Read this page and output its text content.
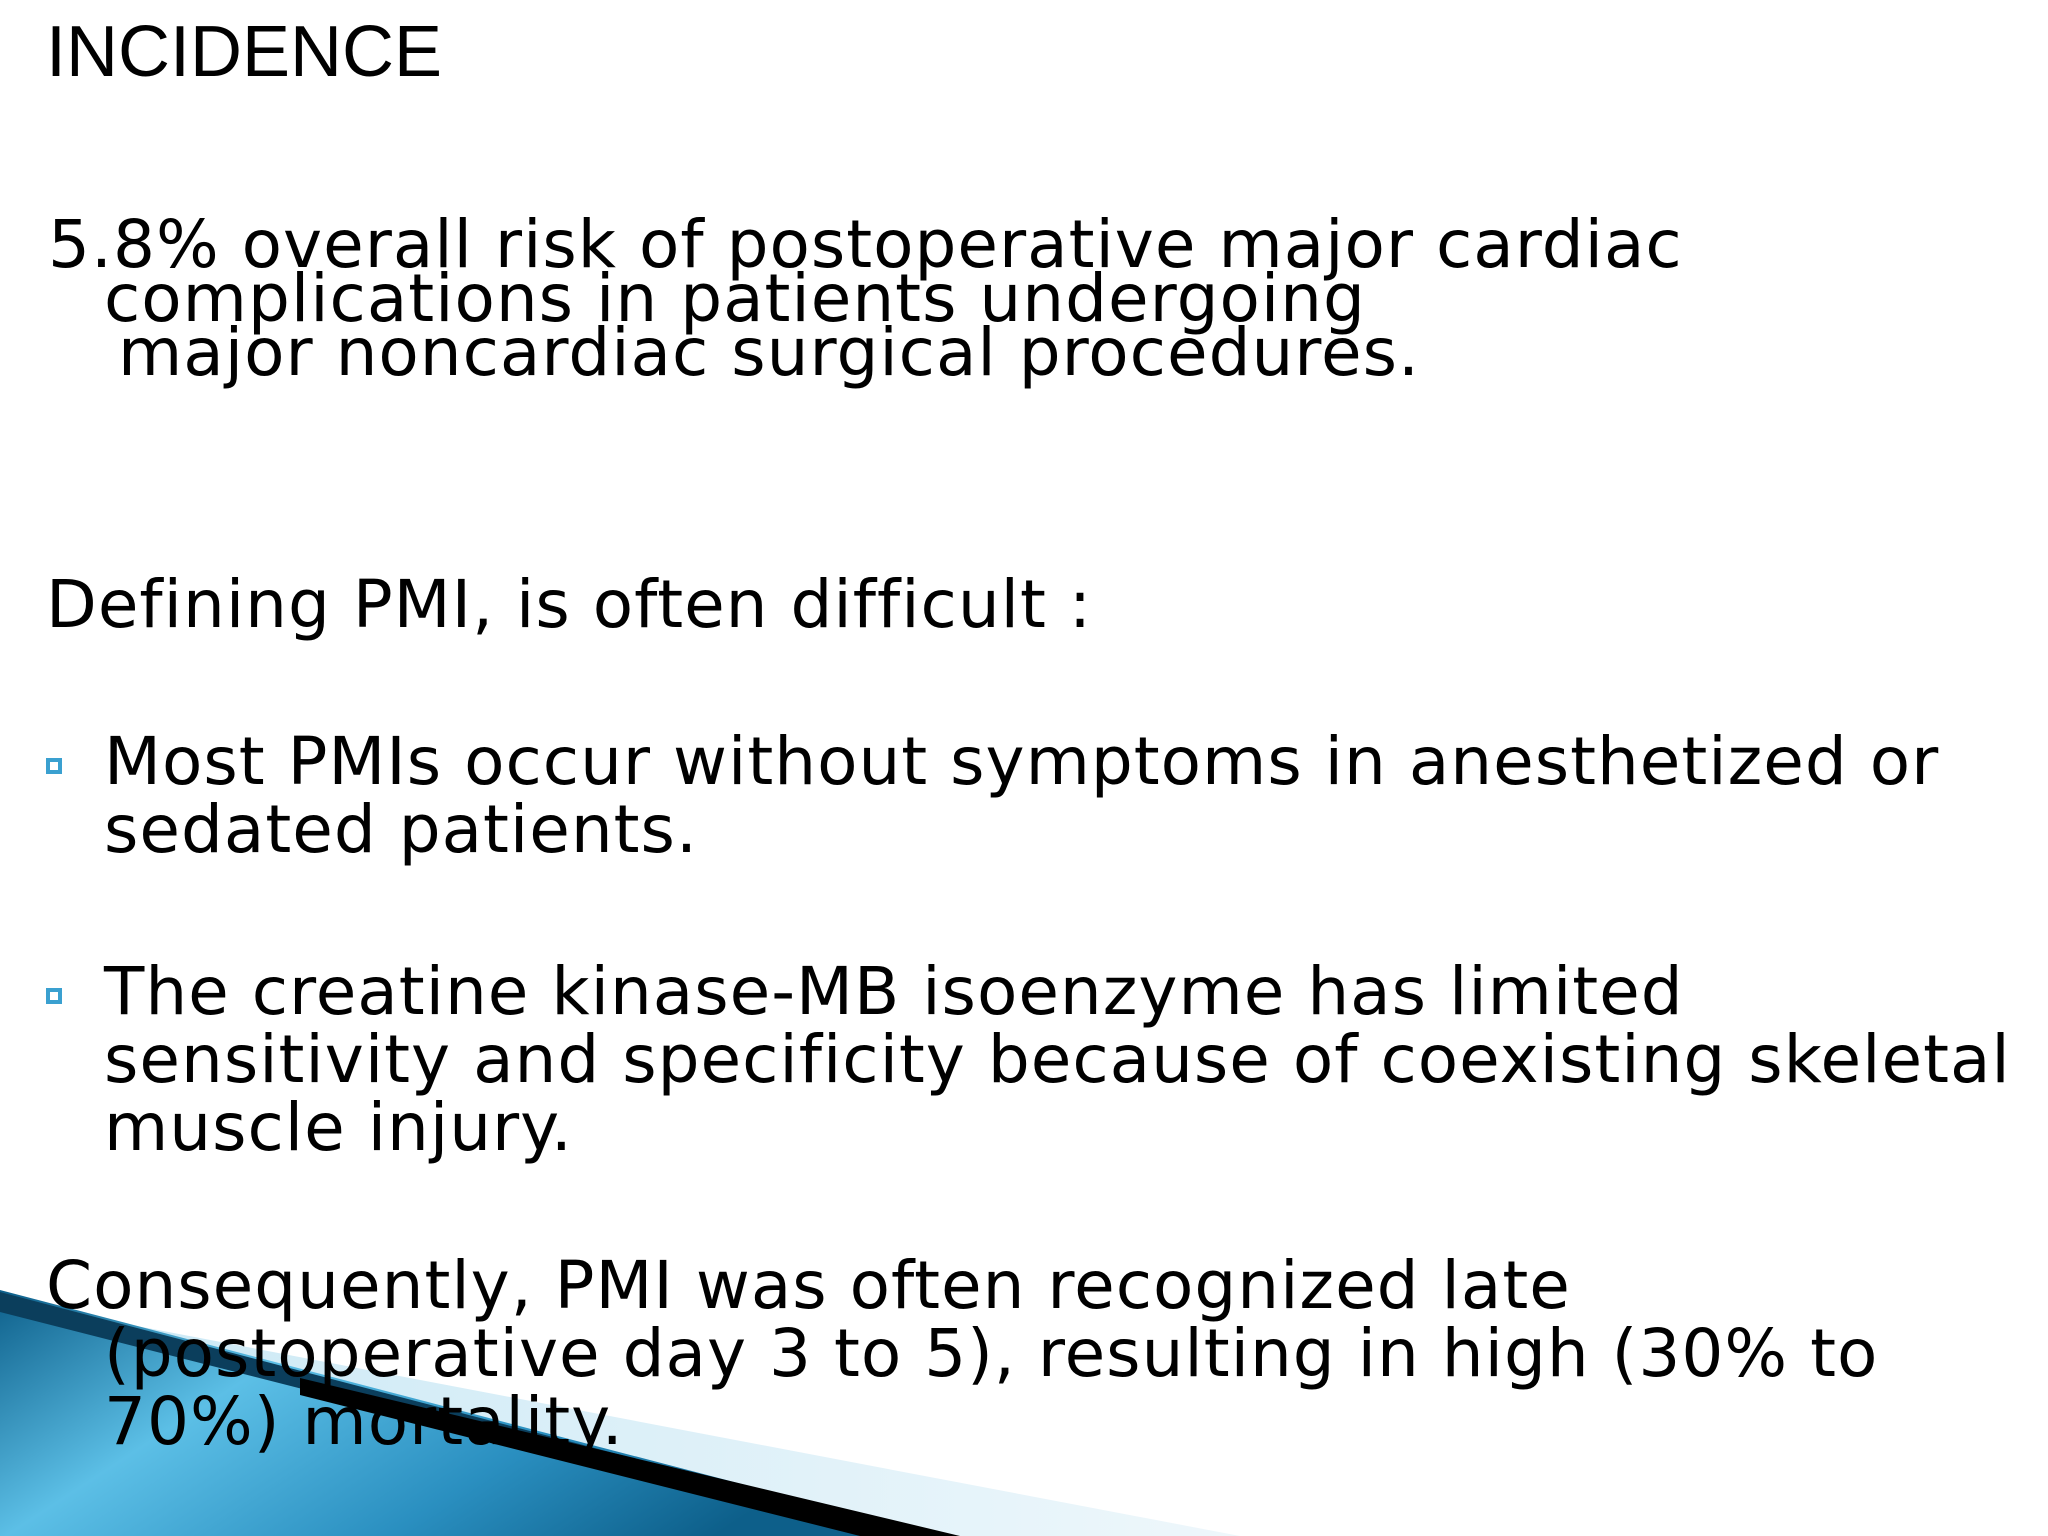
INCIDENCE

5.8% overall risk of postoperative major cardiac
complications in patients undergoing
major noncardiac surgical procedures.

Defining PMI, is often difficult :

Most PMIs occur without symptoms in anesthetized or
sedated patients.
The creatine kinase-MB isoenzyme has limited
sensitivity and specificity because of coexisting skeletal
muscle injury.

Consequently, PMI was often recognized late
(postoperative day 3 to 5), resulting in high (30% to
70%) mortality.
